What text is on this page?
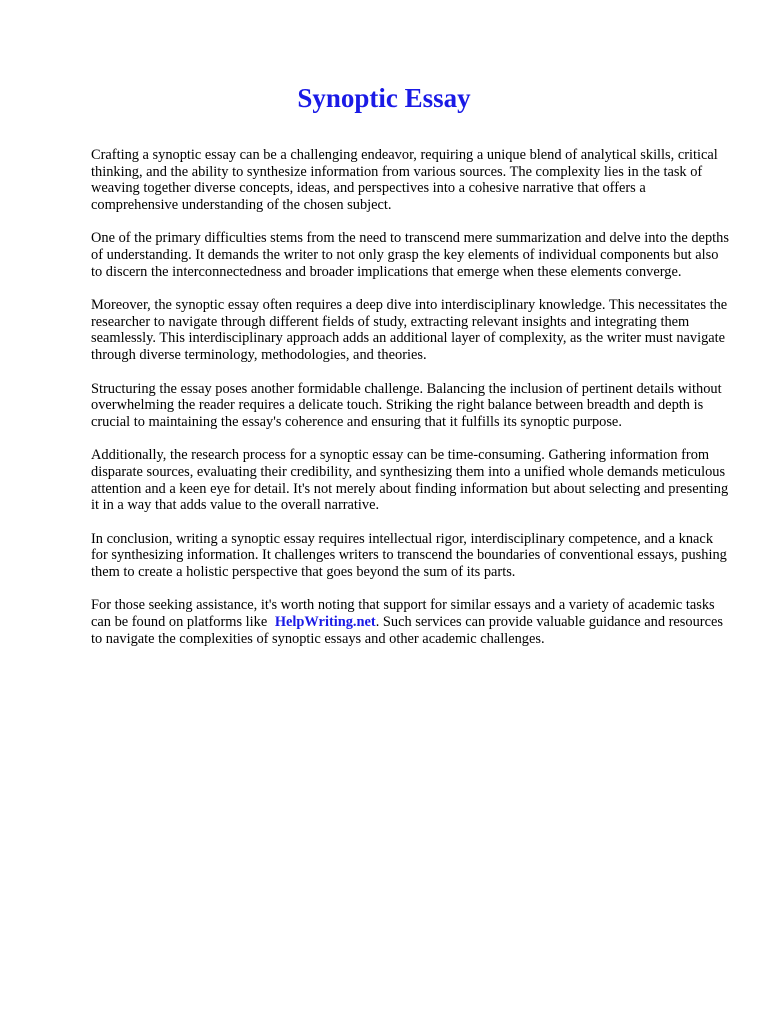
Synoptic Essay

Crafting a synoptic essay can be a challenging endeavor, requiring a unique blend of analytical skills, critical thinking, and the ability to synthesize information from various sources. The complexity lies in the task of weaving together diverse concepts, ideas, and perspectives into a cohesive narrative that offers a comprehensive understanding of the chosen subject.

One of the primary difficulties stems from the need to transcend mere summarization and delve into the depths of understanding. It demands the writer to not only grasp the key elements of individual components but also to discern the interconnectedness and broader implications that emerge when these elements converge.

Moreover, the synoptic essay often requires a deep dive into interdisciplinary knowledge. This necessitates the researcher to navigate through different fields of study, extracting relevant insights and integrating them seamlessly. This interdisciplinary approach adds an additional layer of complexity, as the writer must navigate through diverse terminology, methodologies, and theories.

Structuring the essay poses another formidable challenge. Balancing the inclusion of pertinent details without overwhelming the reader requires a delicate touch. Striking the right balance between breadth and depth is crucial to maintaining the essay's coherence and ensuring that it fulfills its synoptic purpose.

Additionally, the research process for a synoptic essay can be time-consuming. Gathering information from disparate sources, evaluating their credibility, and synthesizing them into a unified whole demands meticulous attention and a keen eye for detail. It's not merely about finding information but about selecting and presenting it in a way that adds value to the overall narrative.

In conclusion, writing a synoptic essay requires intellectual rigor, interdisciplinary competence, and a knack for synthesizing information. It challenges writers to transcend the boundaries of conventional essays, pushing them to create a holistic perspective that goes beyond the sum of its parts.

For those seeking assistance, it's worth noting that support for similar essays and a variety of academic tasks can be found on platforms like HelpWriting.net. Such services can provide valuable guidance and resources to navigate the complexities of synoptic essays and other academic challenges.
